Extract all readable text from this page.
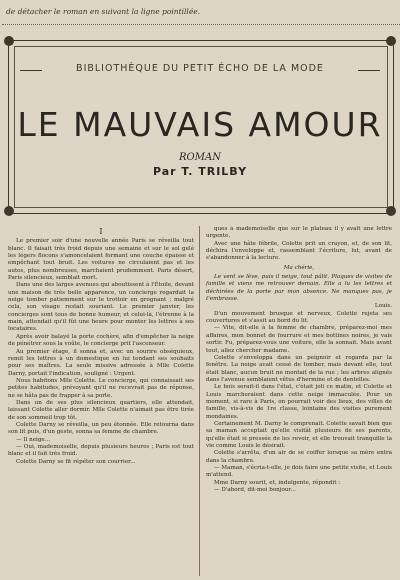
de détacher le roman en suivant la ligne pointillée.
BIBLIOTHÈQUE DU PETIT ÉCHO DE LA MODE
LE MAUVAIS AMOUR
ROMAN
Par T. TRILBY
I

Le premier soir d'une nouvelle année Paris se réveilla tout blanc. Il faisait très froid depuis une semaine et sur le sol gelé les légers flocons s'amoncelaient formant une couche épaisse et empêchant tout bruit. Les voitures ne circulaient pas et les autos, plus nombreuses, marchaient prudemment. Paris désert, Paris silencieux, semblait mort.

Dans une des larges avenues qui aboutissent à l'Étoile, devant une maison de très belle apparence, un concierge regardait la neige tomber patiemment sur le trottoir en grognant ; malgré cela, son visage restait souriant. Le premier janvier, les concierges sont tous de bonne humeur, et celui-là, l'étrenne à la main, attendait qu'il fût une heure pour monter les lettres à ses locataires.

Après avoir balayé la porte cochère, afin d'empêcher la neige de pénétrer sous la voûte, le concierge prit l'ascenseur.

Au premier étage, il sonna et, avec un sourire obséquieux, remit les lettres à un domestique en lui tendant ses souhaits pour ses maîtres. La seule missive adressée à Mlle Colette Darny, portait l'indication, souligné : Urgent.

Nous habitons Mlle Colette. Le concierge, qui connaissait ses petites habitudes, prévoyant qu'il ne recevrait pas de réponse, ne se hâta pas de frapper à sa porte.

Dans un de ses plus silencieux quartiers, elle attendait, laissant Colette aller dormir. Mlle Colette n'aimait pas être tirée de son sommeil trop tôt.

Colette Darny se réveilla, un peu étonnée. Elle retourna dans son lit puis, d'un geste, sonna sa femme de chambre.

— Il neige...

— Oui, mademoiselle, depuis plusieurs heures ; Paris est tout blanc et il fait très froid.

Colette Darny se fit répéter son courrier...

ques à mademoiselle que sur le plateau il y avait une lettre urgente.

Avec une hâte fébrile, Colette prit un crayon, et, de son lit, déchira l'enveloppe et, rassemblant l'écriture, lut, avant de s'abandonner à la lecture.

Ma chérie,

Le vent se lève, puis il neige, tout pâlit. Plaques de visites de famille et viens me retrouver demain. Elle a lu les lettres et déchirées de la porte par mon absence. Ne manques pas, je t'embrasse.

Louis.

D'un mouvement brusque et nerveux, Colette rejeta ses couvertures et s'assit au bord du lit.

— Vite, dit-elle à la femme de chambre, préparez-moi mes affaires, mon bonnet de fourrure et mes bottines noires, je vais sortir. Fu, préparez-vous une voiture, elle la sonnait. Mais avant tout, allez chercher madame.

Colette s'enveloppa dans un peignoir et regarda par la fenêtre. La neige avait cessé de tomber, mais devant elle, tout était blanc, aucun bruit ne montait de la rue ; les arbres alignés dans l'avenue semblaient vêtus d'hermine et de dentelles.

Le bois serait-il dans l'état, c'était joli ce matin, et Colette et Louis marcheraient dans cette neige immaculée. Pour un moment, si rare à Paris, on pourrait voir des lieux, des villes de famille, vis-à-vis de 1re classe, lointains des visites purement mondaines.

Certainement M. Darny le comprenait. Colette savait bien que sa maman acceptait qu'elle visitât plusieurs de ses parents, qu'elle était si pressée de les revoir, et elle trouvait tranquille la vie comme Louis le désirait.

Colette s'arrêta, d'un air de se coiffer lorsque sa mère entra dans la chambre.

— Maman, s'écria-t-elle, je dois faire une petite visite, et Louis m'attend.

Mme Darny sourit, et, indulgente, répondit :

— D'abord, dit-moi bonjour...
